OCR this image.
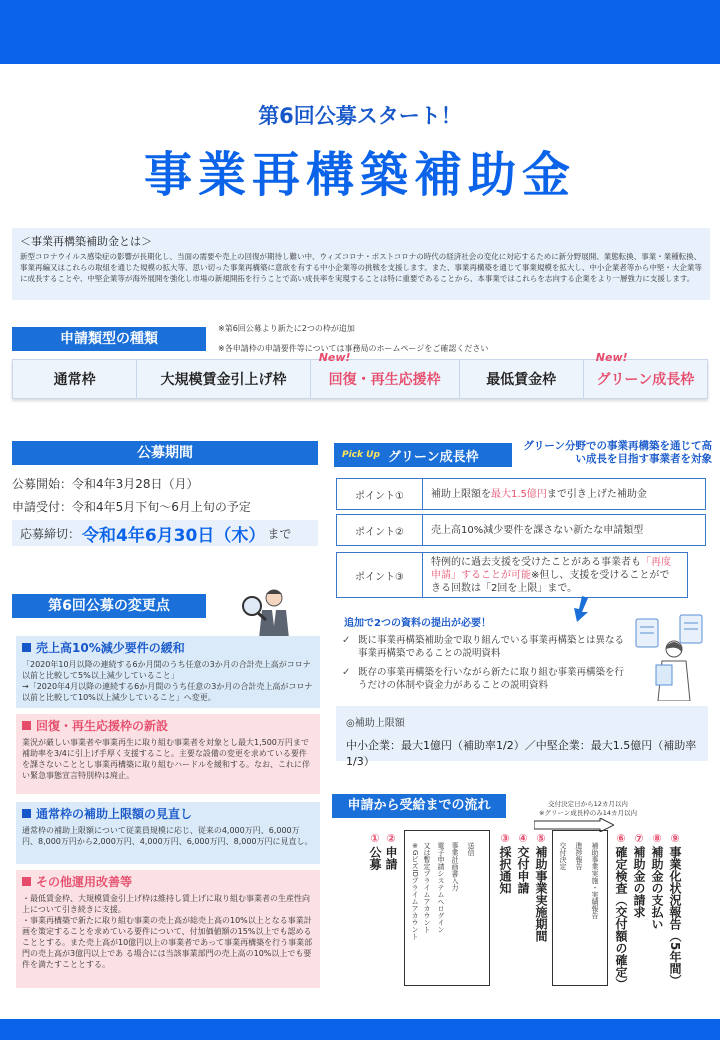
第6回公募スタート！
事業再構築補助金
＜事業再構築補助金とは＞

新型コロナウイルス感染症の影響が長期化し、当面の需要や売上の回復が期待し難い中、ウィズコロナ・ポストコロナの時代の経済社会の変化に対応するために新分野展開、業態転換、事業・業種転換、事業再編又はこれらの取組を通じた規模の拡大等、思い切った事業再構築に意欲を有する中小企業等の挑戦を支援します。また、事業再構築を通じて事業規模を拡大し、中小企業者等から中堅・大企業等に成長することや、中堅企業等が海外展開を強化し市場の新規開拓を行うことで高い成長率を実現することは特に重要であることから、本事業ではこれらを志向する企業をより一層強力に支援します。

申請類型の種類
※第6回公募より新たに2つの枠が追加
※各申請枠の申請要件等については事務局のホームページをご確認ください
通常枠	大規模賃金引上げ枠
New!
回復・再生応援枠	最低賃金枠
New!
グリーン成長枠
公募期間

公募開始：令和4年3月28日（月）

申請受付：令和4年5月下旬～6月上旬の予定

応募締切： 令和4年6月30日（木） まで
第6回公募の変更点
売上高10%減少要件の緩和

「2020年10月以降の連続する6か月間のうち任意の3か月の合計売上高がコロナ以前と比較して5%以上減少していること」
→「2020年4月以降の連続する6か月間のうち任意の3か月の合計売上高がコロナ以前と比較して10%以上減少していること」へ変更。

回復・再生応援枠の新設

業況が厳しい事業者や事業再生に取り組む事業者を対象とし最大1,500万円まで補助率を3/4に引上げ手厚く支援すること。主要な設備の変更を求めている要件を課さないこととし事業再構築に取り組むハードルを緩和する。なお、これに伴い緊急事態宣言特別枠は廃止。

通常枠の補助上限額の見直し

通常枠の補助上限額について従業員規模に応じ、従来の4,000万円、6,000万円、8,000万円から2,000万円、4,000万円、6,000万円、8,000万円に見直し。

その他運用改善等

・最低賃金枠、大規模賃金引上げ枠は維持し賃上げに取り組む事業者の生産性向上について引き続きに支援。
・事業再構築で新たに取り組む事業の売上高が総売上高の10%以上となる事業計画を策定することを求めている要件について、付加価値額の15%以上でも認めることとする。また売上高が10億円以上の事業者であって事業再構築を行う事業部門の売上高が3億円以上であ る場合には当該事業部門の売上高の10%以上でも要件を満たすこととする。

Pick Up グリーン成長枠
グリーン分野での事業再構築を通じて高い成長を目指す事業者を対象
ポイント①	補助上限額を 最大1.5億円 まで引き上げた補助金
ポイント②	売上高10%減少要件を課さない新たな申請類型
ポイント③
特例的に過去支援を受けたことがある事業者も「再度申請」することが可能※但し、支援を受けることができる回数は「2回を上限」まで。
追加で2つの資料の提出が必要！
✓ 既に事業再構築補助金で取り組んでいる事業再構築とは異なる事業再構築であることの説明資料
✓ 既存の事業再構築を行いながら新たに取り組む事業再構築を行うだけの体制や資金力があることの説明資料
◎補助上限額
中小企業：最大1億円（補助率1/2）／中堅企業：最大1.5億円（補助率1/3）
申請から受給までの流れ	交付決定日から12カ月以内
※グリーン成長枠のみ14カ月以内
①公募
②申請 ※GビズIDプライムアカウント 又は暫定プライムアカウント 電子申請システムへログイン 事業計画書入力 送信
③採択通知
④交付申請
⑤補助事業実施期間 交付決定 進捗報告 補助事業実施・実績報告
⑥確定検査（交付額の確定）
⑦補助金の請求
⑧補助金の支払い
⑨事業化状況報告（5年間）
